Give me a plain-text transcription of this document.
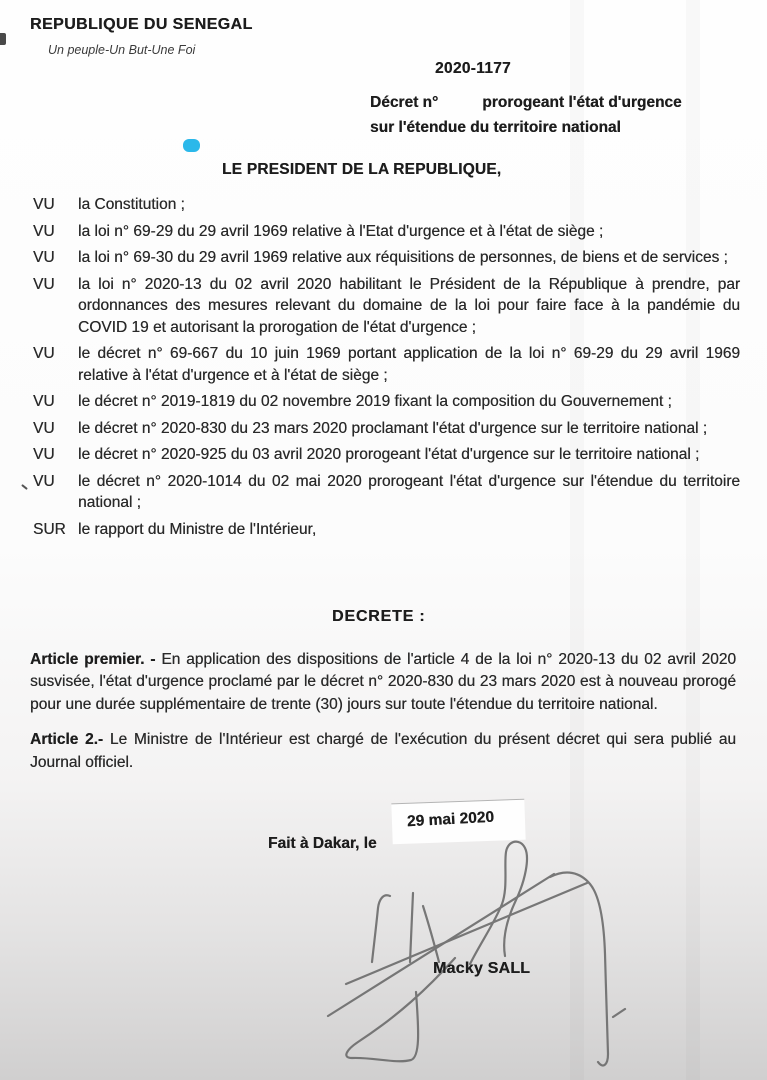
REPUBLIQUE DU SENEGAL
Un peuple-Un But-Une Foi
2020-1177
Décret n°	prorogeant l'état d'urgence
sur l'étendue du territoire national
LE PRESIDENT DE LA REPUBLIQUE,
VU	la Constitution ;
VU	la loi n° 69-29 du 29 avril 1969 relative à l'Etat d'urgence et à l'état de siège ;
VU	la loi n° 69-30 du 29 avril 1969 relative aux réquisitions de personnes, de biens et de services ;
VU	la loi n° 2020-13 du 02 avril 2020 habilitant le Président de la République à prendre, par ordonnances des mesures relevant du domaine de la loi pour faire face à la pandémie du COVID 19 et autorisant la prorogation de l'état d'urgence ;
VU	le décret n° 69-667 du 10 juin 1969 portant application de la loi n° 69-29 du 29 avril 1969 relative à l'état d'urgence et à l'état de siège ;
VU	le décret n° 2019-1819 du 02 novembre 2019 fixant la composition du Gouvernement ;
VU	le décret n° 2020-830 du 23 mars 2020 proclamant l'état d'urgence sur le territoire national ;
VU	le décret n° 2020-925 du 03 avril 2020 prorogeant l'état d'urgence sur le territoire national ;
VU	le décret n° 2020-1014 du 02 mai 2020 prorogeant l'état d'urgence sur l'étendue du territoire national ;
SUR le rapport du Ministre de l'Intérieur,
DECRETE :

Article premier. - En application des dispositions de l'article 4 de la loi n° 2020-13 du 02 avril 2020 susvisée, l'état d'urgence proclamé par le décret n° 2020-830 du 23 mars 2020 est à nouveau prorogé pour une durée supplémentaire de trente (30) jours sur toute l'étendue du territoire national.

Article 2.- Le Ministre de l'Intérieur est chargé de l'exécution du présent décret qui sera publié au Journal officiel.

29 mai 2020
Fait à Dakar, le
Macky SALL
